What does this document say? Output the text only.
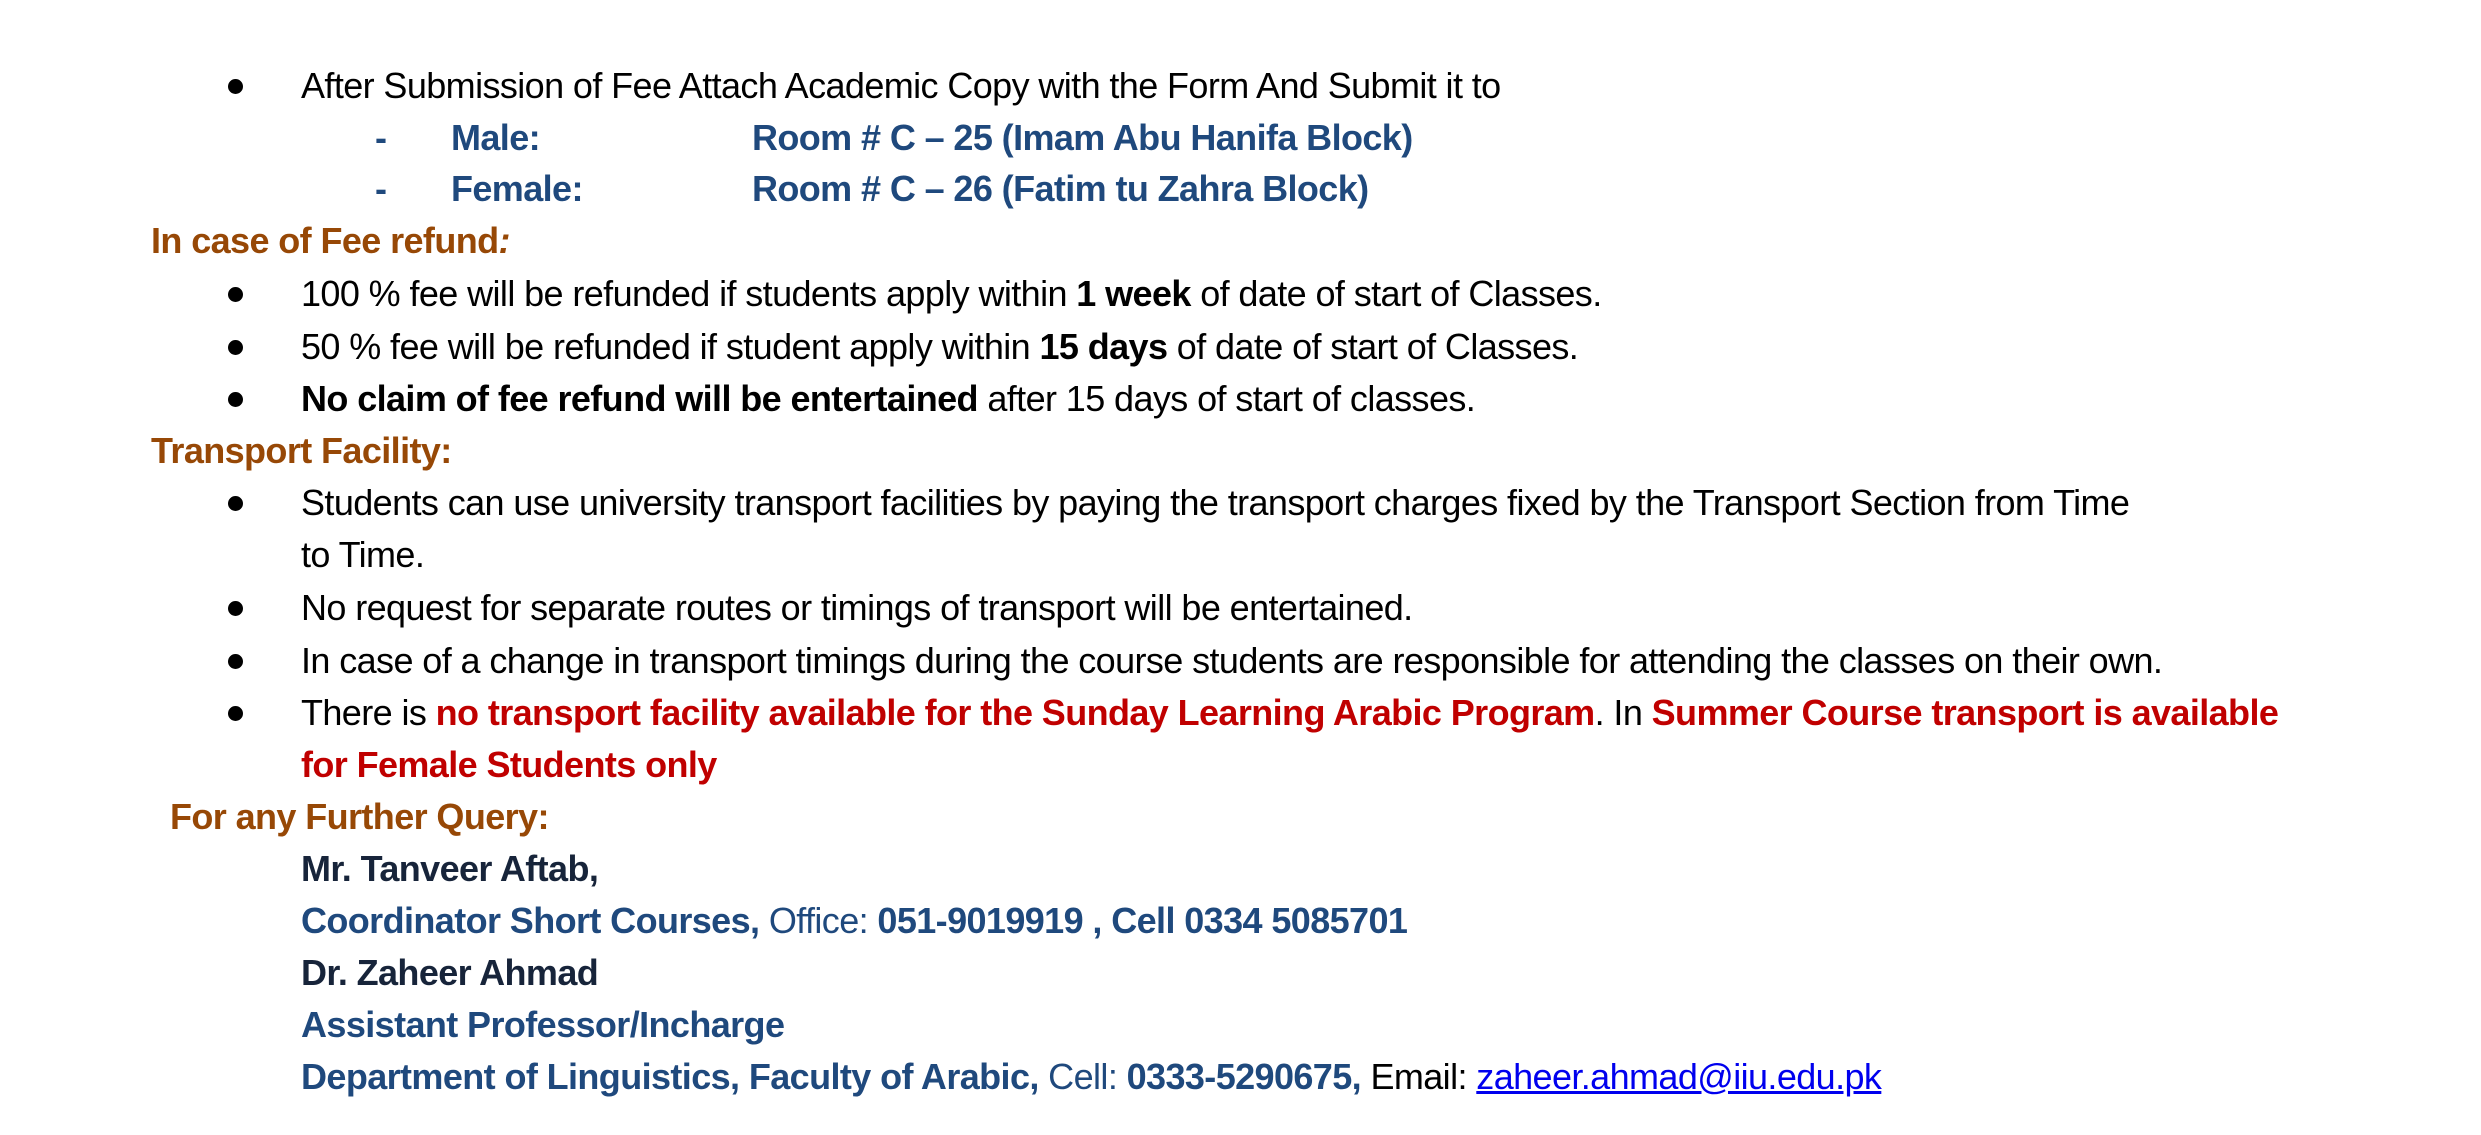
After Submission of Fee Attach Academic Copy with the Form And Submit it to
- Male:	Room # C – 25 (Imam Abu Hanifa Block)
- Female:	Room # C – 26 (Fatim tu Zahra Block)
In case of Fee refund:
100 % fee will be refunded if students apply within 1 week of date of start of Classes.
50 % fee will be refunded if student apply within 15 days of date of start of Classes.
No claim of fee refund will be entertained after 15 days of start of classes.
Transport Facility:
Students can use university transport facilities by paying the transport charges fixed by the Transport Section from Time
to Time.
No request for separate routes or timings of transport will be entertained.
In case of a change in transport timings during the course students are responsible for attending the classes on their own.
There is no transport facility available for the Sunday Learning Arabic Program. In Summer Course transport is available
for Female Students only
For any Further Query:
Mr. Tanveer Aftab,
Coordinator Short Courses, Office: 051-9019919 , Cell 0334 5085701
Dr. Zaheer Ahmad
Assistant Professor/Incharge
Department of Linguistics, Faculty of Arabic, Cell: 0333-5290675, Email: zaheer.ahmad@iiu.edu.pk
